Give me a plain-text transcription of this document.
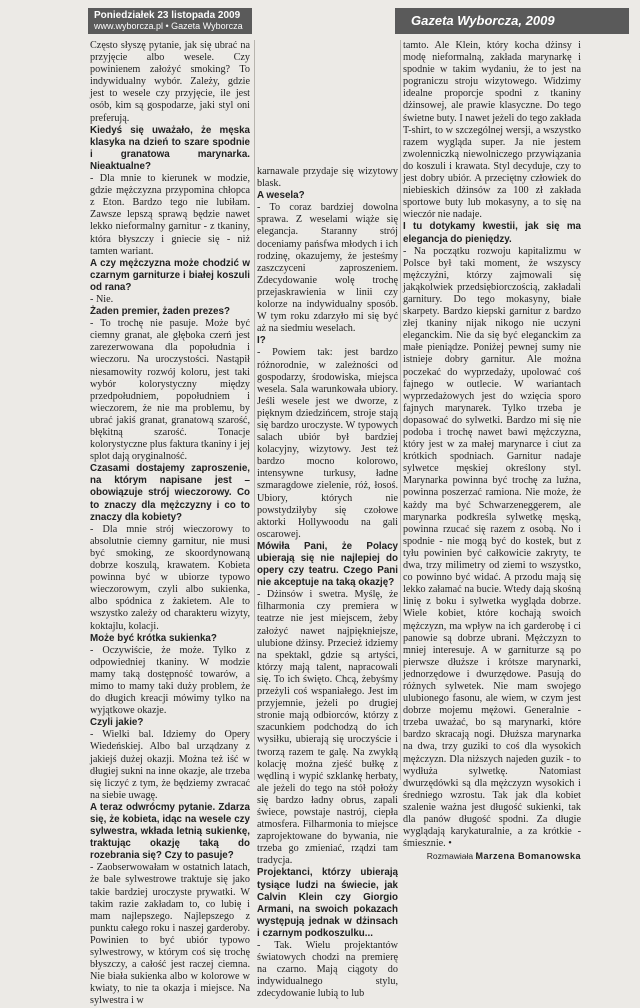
Poniedziałek 23 listopada 2009
www.wyborcza.pl • Gazeta Wyborcza	Gazeta Wyborcza, 2009

Często słyszę pytanie, jak się ubrać na przyjęcie albo wesele. Czy powinienem założyć smoking? To indywidualny wybór. Zależy, gdzie jest to wesele czy przyjęcie, ile jest osób, kim są gospodarze, jaki styl oni preferują.

Kiedyś się uważało, że męska klasyka na dzień to szare spodnie i granatowa marynarka. Nieaktualne?

- Dla mnie to kierunek w modzie, gdzie mężczyzna przypomina chłopca z Eton. Bardzo tego nie lubiłam. Zawsze lepszą sprawą będzie nawet lekko nieformalny garnitur - z tkaniny, która błyszczy i gniecie się - niż tamten wariant.

A czy mężczyzna może chodzić w czarnym garniturze i białej koszuli od rana?

- Nie.

Żaden premier, żaden prezes?

- To trochę nie pasuje. Może być ciemny granat, ale głęboka czerń jest zarezerwowana dla popołudnia i wieczoru. Na uroczystości. Nastąpił niesamowity rozwój koloru, jest taki wybór kolorystyczny między przedpołudniem, popołudniem i wieczorem, że nie ma problemu, by ubrać jakiś granat, granatową szarość, błękitną szarość. Tonacje kolorystyczne plus faktura tkaniny i jej splot dają oryginalność.

Czasami dostajemy zaproszenie, na którym napisane jest – obowiązuje strój wieczorowy. Co to znaczy dla mężczyzny i co to znaczy dla kobiety?

- Dla mnie strój wieczorowy to absolutnie ciemny garnitur, nie musi być smoking, ze skoordynowaną dobrze koszulą, krawatem. Kobieta powinna być w ubiorze typowo wieczorowym, czyli albo sukienka, albo spódnica z żakietem. Ale to wszystko zależy od charakteru wizyty, koktajlu, kolacji.

Może być krótka sukienka?

- Oczywiście, że może. Tylko z odpowiedniej tkaniny. W modzie mamy taką dostępność towarów, a mimo to mamy taki duży problem, że do długich kreacji mówimy tylko na wyjątkowe okazje.

Czyli jakie?

- Wielki bal. Idziemy do Opery Wiedeńskiej. Albo bal urządzany z jakiejś dużej okazji. Można też iść w długiej sukni na inne okazje, ale trzeba się liczyć z tym, że będziemy zwracać na siebie uwagę.

A teraz odwrócmy pytanie. Zdarza się, że kobieta, idąc na wesele czy sylwestra, wkłada letnią sukienkę, traktując okazję taką do rozebrania się? Czy to pasuje?

- Zaobserwowałam w ostatnich latach, że bale sylwestrowe traktuje się jako takie bardziej uroczyste prywatki. W takim razie zakładam to, co lubię i mam najlepszego. Najlepszego z punktu całego roku i naszej garderoby. Powinien to być ubiór typowo sylwestrowy, w którym coś się trochę błyszczy, a całość jest raczej ciemna. Nie biała sukienka albo w kolorowe w kwiaty, to nie ta okazja i miejsce. Na sylwestra i w

karnawale przydaje się wizytowy blask.

A wesela?

- To coraz bardziej dowolna sprawa. Z weselami wiąże się elegancja. Staranny strój doceniamy pańsfwa młodych i ich rodzinę, okazujemy, że jesteśmy zaszczyceni zaproszeniem. Zdecydowanie wolę trochę przejaskrawienia w linii czy kolorze na indywidualny sposób. W tym roku zdarzyło mi się być aż na siedmiu weselach.

I?

- Powiem tak: jest bardzo różnorodnie, w zależności od gospodarzy, środowiska, miejsca wesela. Sala warunkowała ubiory. Jeśli wesele jest we dworze, z pięknym dziedzińcem, stroje stają się bardzo uroczyste. W typowych salach ubiór był bardziej kolacyjny, wizytowy. Jest też bardzo mocno kolorowo, intensywne turkusy, ładne szmaragdowe zielenie, róż, łosoś. Ubiory, których nie powstydziłyby się czołowe aktorki Hollywoodu na gali oscarowej.

Mówiła Pani, że Polacy ubierają się nie najlepiej do opery czy teatru. Czego Pani nie akceptuje na taką okazję?

- Dżinsów i swetra. Myślę, że filharmonia czy premiera w teatrze nie jest miejscem, żeby założyć nawet najpiękniejsze, ulubione dżinsy. Przecież idziemy na spektakl, gdzie są artyści, którzy mają talent, napracowali się. To ich święto. Chcą, żebyśmy przeżyli coś wspaniałego. Jest im przyjemnie, jeżeli po drugiej stronie mają odbiorców, którzy z szacunkiem podchodzą do ich wysiłku, ubierają się uroczyście i tworzą razem te galę. Na zwykłą kolację można zjeść bułkę z wędliną i wypić szklankę herbaty, ale jeżeli do tego na stół położy się bardzo ładny obrus, zapali świece, powstaje nastrój, ciepła atmosfera. Filharmonia to miejsce zaprojektowane do bywania, nie trzeba go zmieniać, rządzi tam tradycja.

Projektanci, którzy ubierają tysiące ludzi na świecie, jak Calvin Klein czy Giorgio Armani, na swoich pokazach występują jednak w dżinsach i czarnym podkoszulku...

- Tak. Wielu projektantów światowych chodzi na premierę na czarno. Mają ciągoty do indywidualnego stylu, zdecydowanie lubią to lub

tamto. Ale Klein, który kocha dżinsy i modę nieformalną, zakłada marynarkę i spodnie w takim wydaniu, że to jest na pograniczu stroju wizytowego. Widzimy idealne proporcje spodni z tkaniny dżinsowej, ale prawie klasyczne. Do tego świetne buty. I nawet jeżeli do tego zakłada T-shirt, to w szczególnej wersji, a wszystko razem wygląda super. Ja nie jestem zwolenniczką niewolniczego przywiązania do koszuli i krawata. Styl decyduje, czy to jest dobry ubiór. A przeciętny człowiek do niebieskich dżinsów za 100 zł zakłada sportowe buty lub mokasyny, a to się na wieczór nie nadaje.

I tu dotykamy kwestii, jak się ma elegancja do pieniędzy.

- Na początku rozwoju kapitalizmu w Polsce był taki moment, że wszyscy mężczyźni, którzy zajmowali się jakąkolwiek przedsiębiorczością, zakładali garnitury. Do tego mokasyny, białe skarpety. Bardzo kiepski garnitur z bardzo złej tkaniny nijak nikogo nie uczyni eleganckim. Nie da się być eleganckim za małe pieniądze. Poniżej pewnej sumy nie istnieje dobry garnitur. Ale można poczekać do wyprzedaży, upolować coś fajnego w outlecie. W wariantach wyprzedażowych jest do wzięcia sporo fajnych marynarek. Tylko trzeba je dopasować do sylwetki. Bardzo mi się nie podoba i trochę nawet bawi mężczyzna, który jest w za małej marynarce i ciut za krótkich spodniach. Garnitur nadaje sylwetce męskiej określony styl. Marynarka powinna być trochę za luźna, powinna poszerzać ramiona. Nie może, że każdy ma być Schwarzeneggerem, ale marynarka podkreśla sylwetkę męską, powinna rzucać się razem z osobą. No i spodnie - nie mogą być do kostek, but z tyłu powinien być całkowicie zakryty, te dwa, trzy milimetry od ziemi to wszystko, co powinno być widać. A przodu mają się lekko załamać na bucie. Wtedy dają skośną linię z boku i sylwetka wygląda dobrze. Wiele kobiet, które kochają swoich mężczyzn, ma wpływ na ich garderobę i ci panowie są dobrze ubrani. Mężczyzn to mniej interesuje. A w garniturze są po pierwsze dłuższe i krótsze marynarki, jednorzędowe i dwurzędowe. Pasują do różnych sylwetek. Nie mam swojego ulubionego fasonu, ale wiem, w czym jest dobrze mojemu mężowi. Generalnie - trzeba uważać, bo są marynarki, które bardzo skracają nogi. Dłuższa marynarka na dwa, trzy guziki to coś dla wysokich mężczyzn. Dla niższych najeden guzik - to wydłuża sylwetkę. Natomiast dwurzędówki są dla mężczyzn wysokich i średniego wzrostu. Tak jak dla kobiet szalenie ważna jest długość sukienki, tak dla panów długość spodni. Za długie wyglądają karykaturalnie, a za krótkie - śmiesznie. •

Rozmawiała Marzena Bomanowska
